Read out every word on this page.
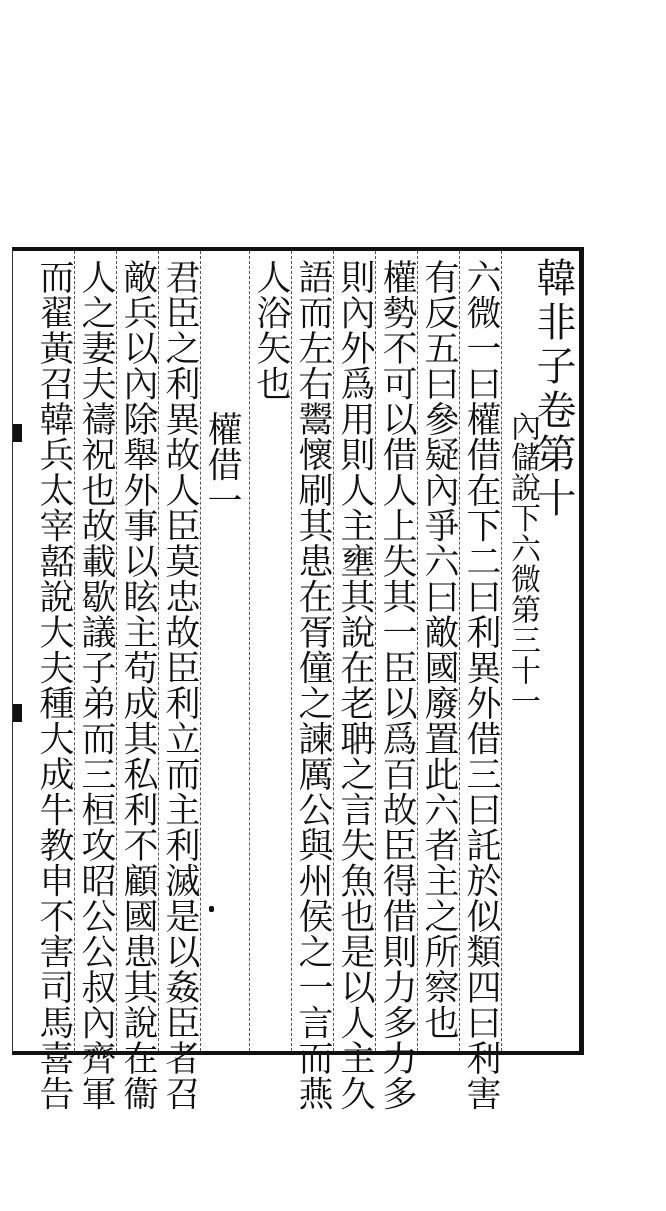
韓非子卷第十
內儲說下六微第三十一
六微一曰權借在下二曰利異外借三曰託於似類四曰利害
有反五曰參疑內爭六曰敵國廢置此六者主之所察也
權勢不可以借人上失其一臣以爲百故臣得借則力多力多
則內外爲用則人主壅其說在老聃之言失魚也是以人主久
語而左右鬻懷刷其患在胥僮之諫厲公與州侯之一言而燕
人浴矢也
權借一
君臣之利異故人臣莫忠故臣利立而主利滅是以姦臣者召
敵兵以內除舉外事以眩主苟成其私利不顧國患其說在衞
人之妻夫禱祝也故載歇議子弟而三桓攻昭公公叔內齊軍
而翟黃召韓兵太宰嚭說大夫種大成牛教申不害司馬喜告
